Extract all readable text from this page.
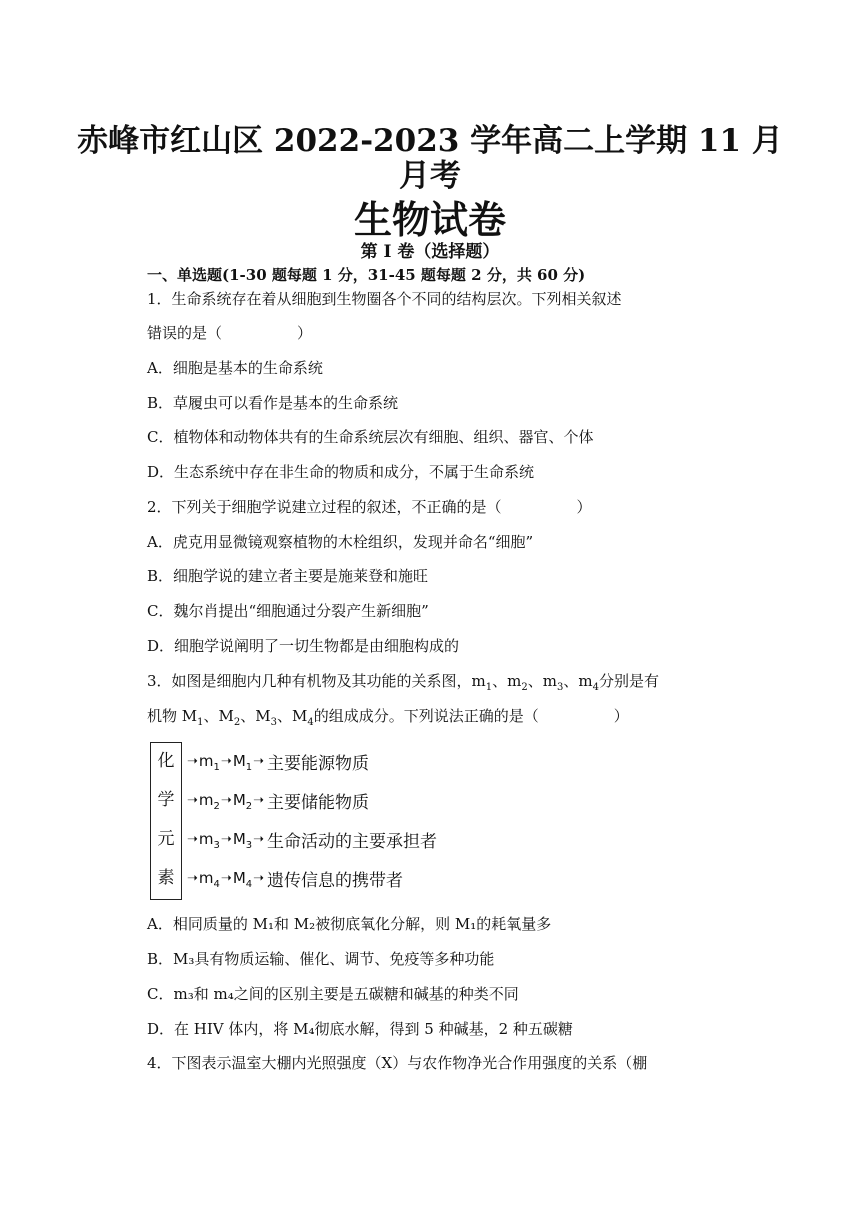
赤峰市红山区 2022-2023 学年高二上学期 11 月
月考
生物试卷
第 I 卷（选择题）
一、单选题(1-30 题每题 1 分，31-45 题每题 2 分，共 60 分)
1．生命系统存在着从细胞到生物圈各个不同的结构层次。下列相关叙述
错误的是（　　　　　）
A．细胞是基本的生命系统
B．草履虫可以看作是基本的生命系统
C．植物体和动物体共有的生命系统层次有细胞、组织、器官、个体
D．生态系统中存在非生命的物质和成分，不属于生命系统
2．下列关于细胞学说建立过程的叙述，不正确的是（　　　　　）
A．虎克用显微镜观察植物的木栓组织，发现并命名“细胞”
B．细胞学说的建立者主要是施莱登和施旺
C．魏尔肖提出“细胞通过分裂产生新细胞”
D．细胞学说阐明了一切生物都是由细胞构成的
3．如图是细胞内几种有机物及其功能的关系图，$m_1$、$m_2$、$m_3$、$m_4$分别是有
机物 $M_1$、$M_2$、$M_3$、$M_4$的组成成分。下列说法正确的是（　　　　　）
化
学
元
素
➝ $m_1$ ➝ $M_1$ ➝ 主要能源物质
➝ $m_2$ ➝ $M_2$ ➝ 主要储能物质
➝ $m_3$ ➝ $M_3$ ➝ 生命活动的主要承担者
➝ $m_4$ ➝ $M_4$ ➝ 遗传信息的携带者
A．相同质量的 M₁和 M₂被彻底氧化分解，则 M₁的耗氧量多
B．M₃具有物质运输、催化、调节、免疫等多种功能
C．m₃和 m₄之间的区别主要是五碳糖和碱基的种类不同
D．在 HIV 体内，将 M₄彻底水解，得到 5 种碱基，2 种五碳糖
4．下图表示温室大棚内光照强度（X）与农作物净光合作用强度的关系（棚
